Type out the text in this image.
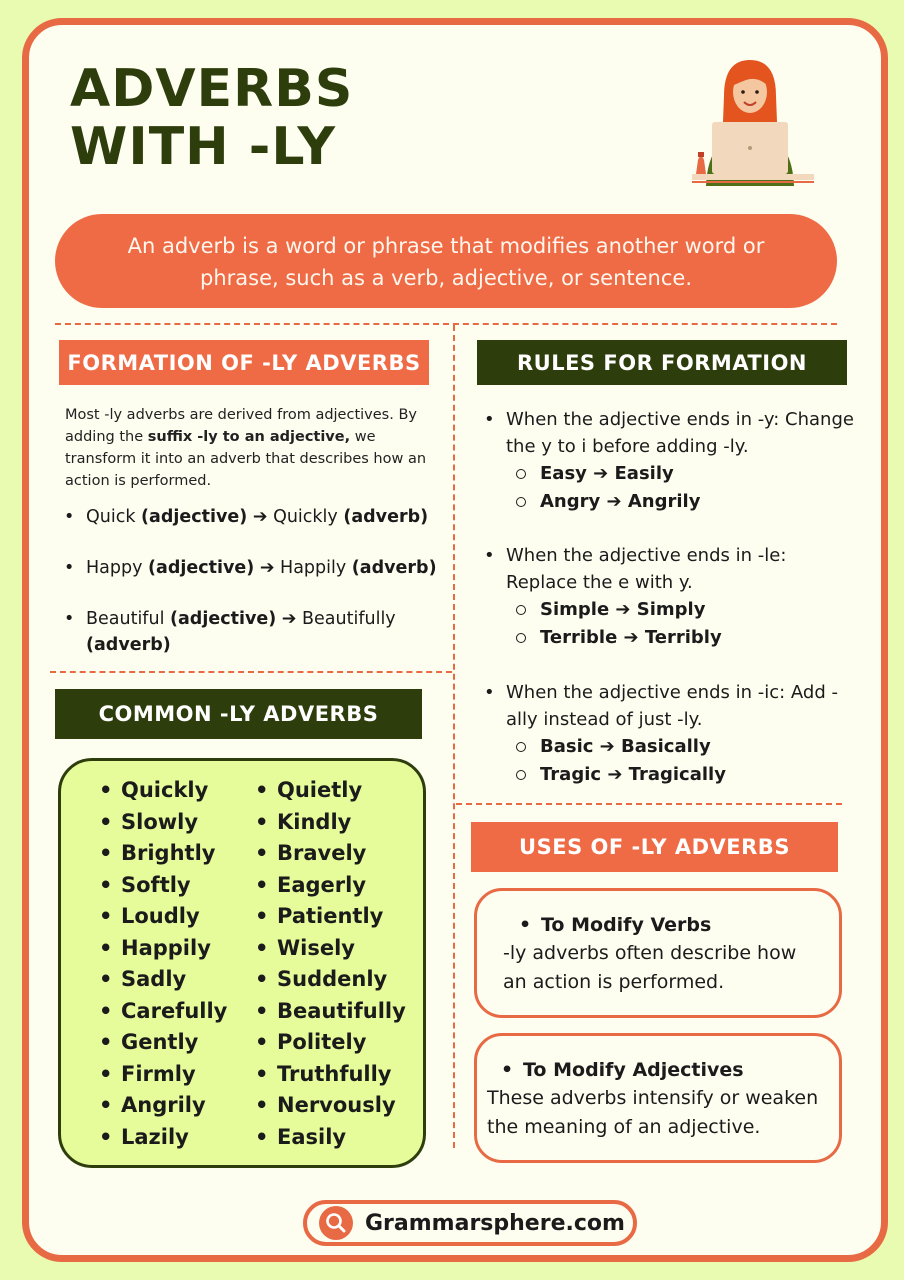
ADVERBS
WITH -LY
An adverb is a word or phrase that modifies another word or phrase, such as a verb, adjective, or sentence.
FORMATION OF -LY ADVERBS
Most -ly adverbs are derived from adjectives. By adding the suffix -ly to an adjective, we transform it into an adverb that describes how an action is performed.
• Quick (adjective) ➔ Quickly (adverb)
• Happy (adjective) ➔ Happily (adverb)
• Beautiful (adjective) ➔ Beautifully (adverb)
RULES FOR FORMATION
• When the adjective ends in -y: Change the y to i before adding -ly.
Easy ➔ Easily
Angry ➔ Angrily
• When the adjective ends in -le: Replace the e with y.
Simple ➔ Simply
Terrible ➔ Terribly
• When the adjective ends in -ic: Add -ally instead of just -ly.
Basic ➔ Basically
Tragic ➔ Tragically
COMMON -LY ADVERBS
• Quickly
• Slowly
• Brightly
• Softly
• Loudly
• Happily
• Sadly
• Carefully
• Gently
• Firmly
• Angrily
• Lazily
• Quietly
• Kindly
• Bravely
• Eagerly
• Patiently
• Wisely
• Suddenly
• Beautifully
• Politely
• Truthfully
• Nervously
• Easily
USES OF -LY ADVERBS
• To Modify Verbs
-ly adverbs often describe how an action is performed.
• To Modify Adjectives
These adverbs intensify or weaken the meaning of an adjective.
Grammarsphere.com
